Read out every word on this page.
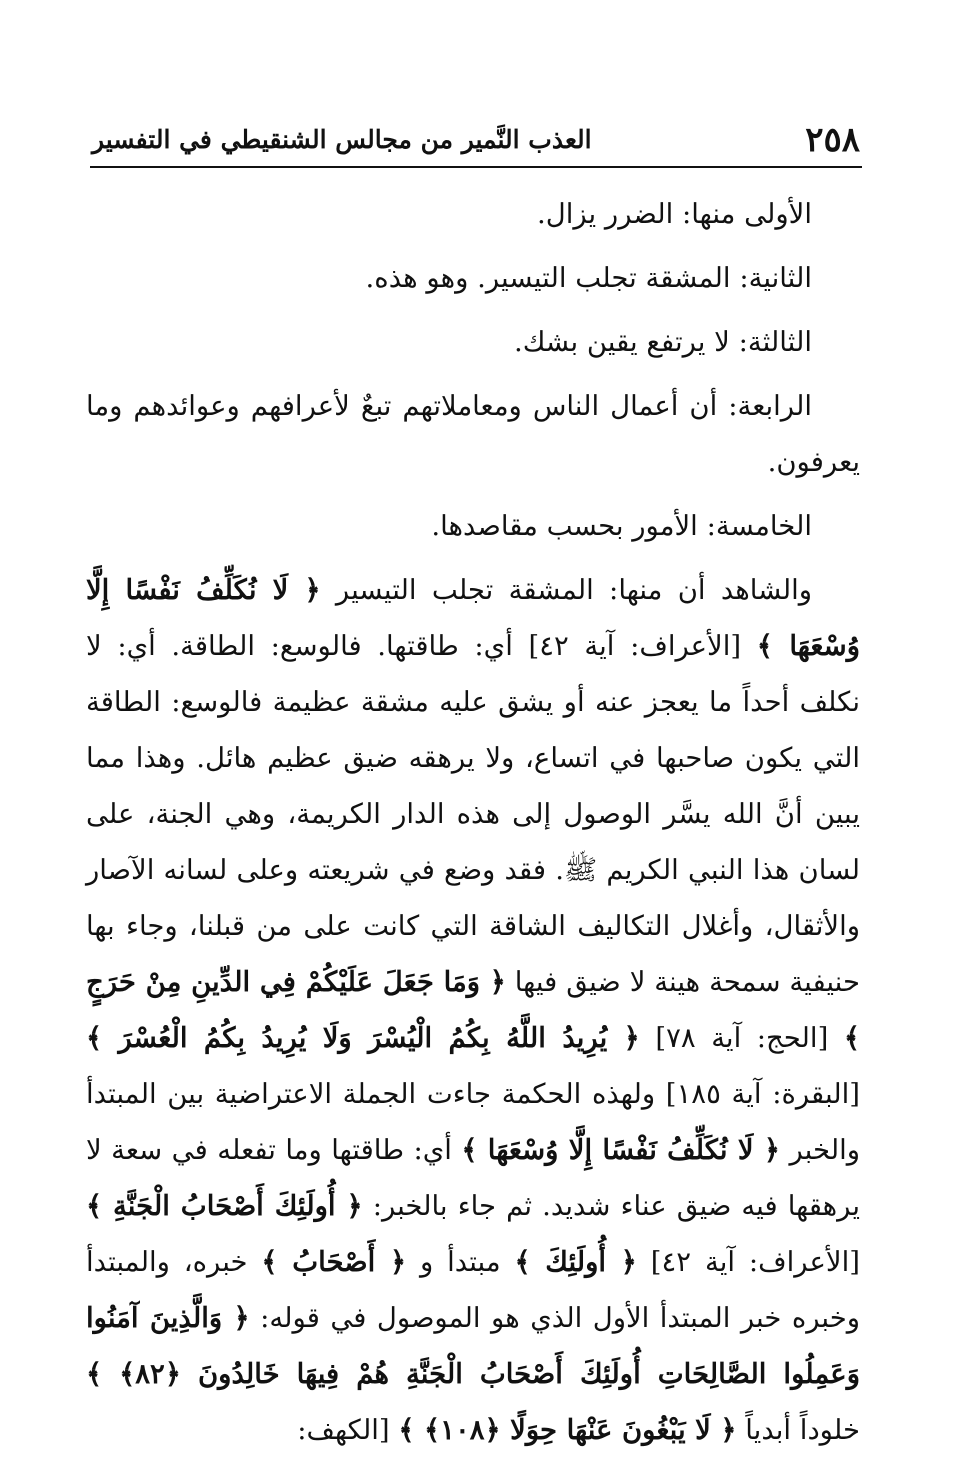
٢٥٨
العذب النَّمير من مجالس الشنقيطي في التفسير

الأولى منها: الضرر يزال.

الثانية: المشقة تجلب التيسير. وهو هذه.

الثالثة: لا يرتفع يقين بشك.

الرابعة: أن أعمال الناس ومعاملاتهم تبعٌ لأعرافهم وعوائدهم وما يعرفون.

الخامسة: الأمور بحسب مقاصدها.

والشاهد أن منها: المشقة تجلب التيسير ﴿ لَا نُكَلِّفُ نَفْسًا إِلَّا وُسْعَهَا ﴾ [الأعراف: آية ٤٢] أي: طاقتها. فالوسع: الطاقة. أي: لا نكلف أحداً ما يعجز عنه أو يشق عليه مشقة عظيمة فالوسع: الطاقة التي يكون صاحبها في اتساع، ولا يرهقه ضيق عظيم هائل. وهذا مما يبين أنَّ الله يسَّر الوصول إلى هذه الدار الكريمة، وهي الجنة، على لسان هذا النبي الكريم ﷺ. فقد وضع في شريعته وعلى لسانه الآصار والأثقال، وأغلال التكاليف الشاقة التي كانت على من قبلنا، وجاء بها حنيفية سمحة هينة لا ضيق فيها ﴿ وَمَا جَعَلَ عَلَيْكُمْ فِي الدِّينِ مِنْ حَرَجٍ ﴾ [الحج: آية ٧٨] ﴿ يُرِيدُ اللَّهُ بِكُمُ الْيُسْرَ وَلَا يُرِيدُ بِكُمُ الْعُسْرَ ﴾ [البقرة: آية ١٨٥] ولهذه الحكمة جاءت الجملة الاعتراضية بين المبتدأ والخبر ﴿ لَا نُكَلِّفُ نَفْسًا إِلَّا وُسْعَهَا ﴾ أي: طاقتها وما تفعله في سعة لا يرهقها فيه ضيق عناء شديد. ثم جاء بالخبر: ﴿ أُولَئِكَ أَصْحَابُ الْجَنَّةِ ﴾ [الأعراف: آية ٤٢] ﴿ أُولَئِكَ ﴾ مبتدأ و ﴿ أَصْحَابُ ﴾ خبره، والمبتدأ وخبره خبر المبتدأ الأول الذي هو الموصول في قوله: ﴿ وَالَّذِينَ آمَنُوا وَعَمِلُوا الصَّالِحَاتِ أُولَئِكَ أَصْحَابُ الْجَنَّةِ هُمْ فِيهَا خَالِدُونَ ﴿٨٢﴾ ﴾ خلوداً أبدياً ﴿ لَا يَبْغُونَ عَنْهَا حِوَلًا ﴿١٠٨﴾ ﴾ [الكهف:
